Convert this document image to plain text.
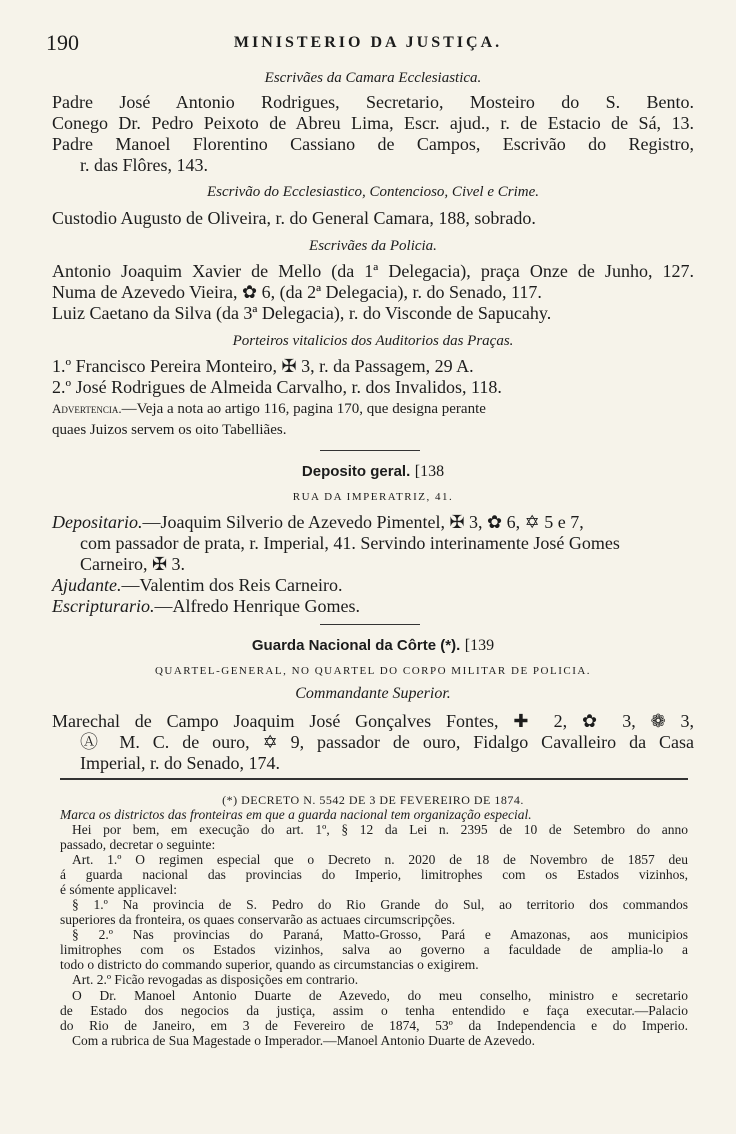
190	MINISTERIO DA JUSTIÇA.
Escrivães da Camara Ecclesiastica.
Padre José Antonio Rodrigues, Secretario, Mosteiro do S. Bento.
Conego Dr. Pedro Peixoto de Abreu Lima, Escr. ajud., r. de Estacio de Sá, 13.
Padre Manoel Florentino Cassiano de Campos, Escrivão do Registro,
r. das Flôres, 143.
Escrivão do Ecclesiastico, Contencioso, Civel e Crime.
Custodio Augusto de Oliveira, r. do General Camara, 188, sobrado.
Escrivães da Policia.
Antonio Joaquim Xavier de Mello (da 1ª Delegacia), praça Onze de Junho, 127.
Numa de Azevedo Vieira, ✿ 6, (da 2ª Delegacia), r. do Senado, 117.
Luiz Caetano da Silva (da 3ª Delegacia), r. do Visconde de Sapucahy.
Porteiros vitalicios dos Auditorios das Praças.
1.º Francisco Pereira Monteiro, ✠ 3, r. da Passagem, 29 A.
2.º José Rodrigues de Almeida Carvalho, r. dos Invalidos, 118.
Advertencia.—Veja a nota ao artigo 116, pagina 170, que designa perante
quaes Juizos servem os oito Tabelliães.
Deposito geral. [138
RUA DA IMPERATRIZ, 41.
Depositario.—Joaquim Silverio de Azevedo Pimentel, ✠ 3, ✿ 6, ✡ 5 e 7,
com passador de prata, r. Imperial, 41. Servindo interinamente José Gomes
Carneiro, ✠ 3.
Ajudante.—Valentim dos Reis Carneiro.
Escripturario.—Alfredo Henrique Gomes.
Guarda Nacional da Côrte (*). [139
QUARTEL-GENERAL, NO QUARTEL DO CORPO MILITAR DE POLICIA.
Commandante Superior.
Marechal de Campo Joaquim José Gonçalves Fontes, ✚ 2, ✿ 3, ❁ 3,
Ⓐ M. C. de ouro, ✡ 9, passador de ouro, Fidalgo Cavalleiro da Casa
Imperial, r. do Senado, 174.
(*) DECRETO N. 5542 DE 3 DE FEVEREIRO DE 1874.
Marca os districtos das fronteiras em que a guarda nacional tem organização especial.
Hei por bem, em execução do art. 1º, § 12 da Lei n. 2395 de 10 de Setembro do anno
passado, decretar o seguinte:
Art. 1.º O regimen especial que o Decreto n. 2020 de 18 de Novembro de 1857 deu
á guarda nacional das provincias do Imperio, limitrophes com os Estados vizinhos,
é sómente applicavel:
§ 1.º Na provincia de S. Pedro do Rio Grande do Sul, ao territorio dos commandos
superiores da fronteira, os quaes conservarão as actuaes circumscripções.
§ 2.º Nas provincias do Paraná, Matto-Grosso, Pará e Amazonas, aos municipios
limitrophes com os Estados vizinhos, salva ao governo a faculdade de amplia-lo a
todo o districto do commando superior, quando as circumstancias o exigirem.
Art. 2.º Ficão revogadas as disposições em contrario.
O Dr. Manoel Antonio Duarte de Azevedo, do meu conselho, ministro e secretario
de Estado dos negocios da justiça, assim o tenha entendido e faça executar.—Palacio
do Rio de Janeiro, em 3 de Fevereiro de 1874, 53º da Independencia e do Imperio.
Com a rubrica de Sua Magestade o Imperador.—Manoel Antonio Duarte de Azevedo.
